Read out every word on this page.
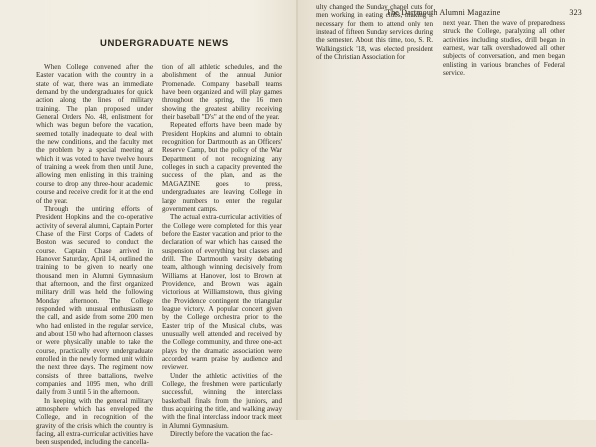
UNDERGRADUATE NEWS

When College convened after the Easter vacation with the country in a state of war, there was an immediate demand by the undergraduates for quick action along the lines of military training. The plan proposed under General Orders No. 48, enlistment for which was begun before the vacation, seemed totally inadequate to deal with the new conditions, and the faculty met the problem by a special meeting at which it was voted to have twelve hours of training a week from then until June, allowing men enlisting in this training course to drop any three-hour academic course and receive credit for it at the end of the year.

Through the untiring efforts of President Hopkins and the co-operative activity of several alumni, Captain Porter Chase of the First Corps of Cadets of Boston was secured to conduct the course. Captain Chase arrived in Hanover Saturday, April 14, outlined the training to be given to nearly one thousand men in Alumni Gymnasium that afternoon, and the first organized military drill was held the following Monday afternoon. The College responded with unusual enthusiasm to the call, and aside from some 200 men who had enlisted in the regular service, and about 150 who had afternoon classes or were physically unable to take the course, practically every undergraduate enrolled in the newly formed unit within the next three days. The regiment now consists of three battalions, twelve companies and 1095 men, who drill daily from 3 until 5 in the afternoon.

In keeping with the general military atmosphere which has enveloped the College, and in recognition of the gravity of the crisis which the country is facing, all extra-curricular activities have been suspended, including the cancella-

tion of all athletic schedules, and the abolishment of the annual Junior Promenade. Company baseball teams have been organized and will play games throughout the spring, the 16 men showing the greatest ability receiving their baseball "D's" at the end of the year.

Repeated efforts have been made by President Hopkins and alumni to obtain recognition for Dartmouth as an Officers' Reserve Camp, but the policy of the War Department of not recognizing any colleges in such a capacity prevented the success of the plan, and as the MAGAZINE goes to press, undergraduates are leaving College in large numbers to enter the regular government camps.

The actual extra-curricular activities of the College were completed for this year before the Easter vacation and prior to the declaration of war which has caused the suspension of everything but classes and drill. The Dartmouth varsity debating team, although winning decisively from Williams at Hanover, lost to Brown at Providence, and Brown was again victorious at Williamstown, thus giving the Providence contingent the triangular league victory. A popular concert given by the College orchestra prior to the Easter trip of the Musical clubs, was unusually well attended and received by the College community, and three one-act plays by the dramatic association were accorded warm praise by audience and reviewer.

Under the athletic activities of the College, the freshmen were particularly successful, winning the interclass basketball finals from the juniors, and thus acquiring the title, and walking away with the final interclass indoor track meet in Alumni Gymnasium.

Directly before the vacation the fac-

The Dartmouth Alumni Magazine	323

ulty changed the Sunday chapel cuts for men working in eating clubs, making it necessary for them to attend only ten instead of fifteen Sunday services during the semester. About this time, too, S. R. Walkingstick '18, was elected president of the Christian Association for

next year. Then the wave of preparedness struck the College, paralyzing all other activities including studies, drill began in earnest, war talk overshadowed all other subjects of conversation, and men began enlisting in various branches of Federal service.
